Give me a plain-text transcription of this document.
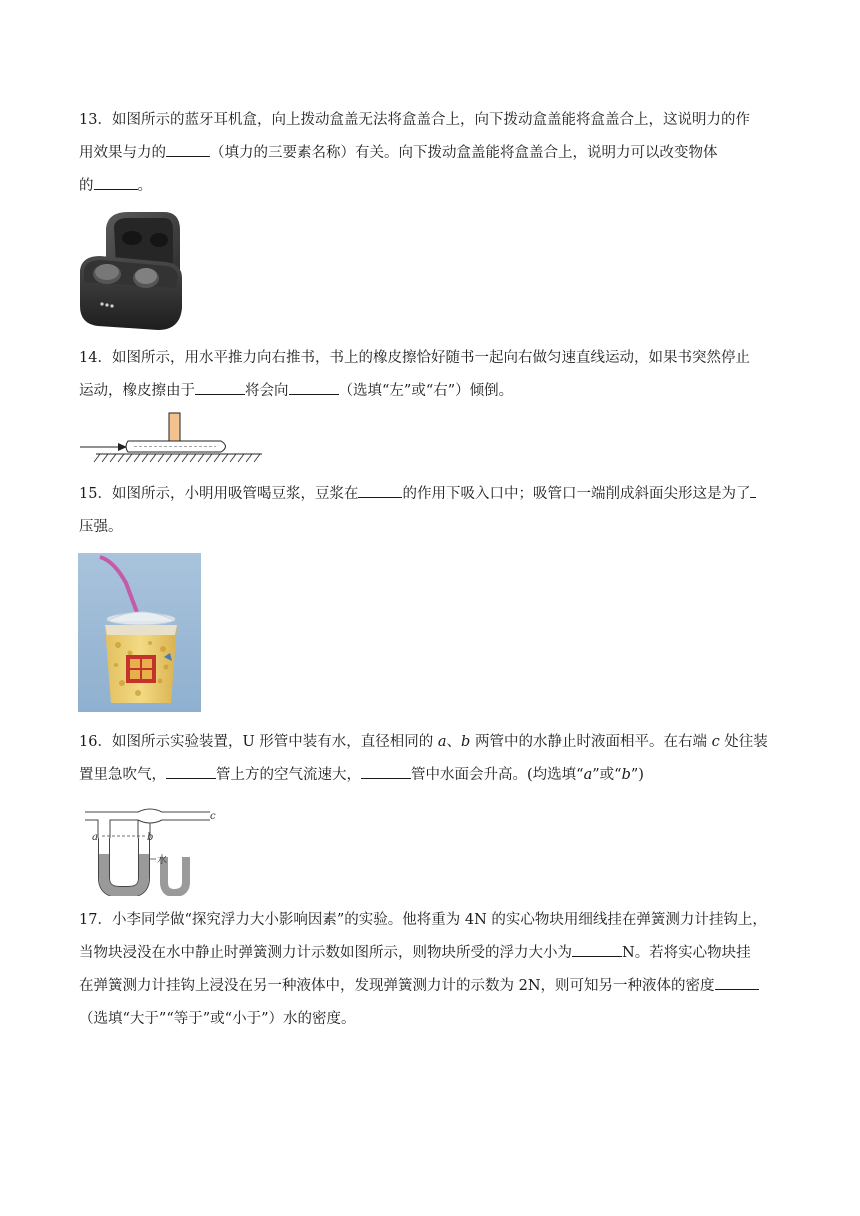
13．如图所示的蓝牙耳机盒，向上拨动盒盖无法将盒盖合上，向下拨动盒盖能将盒盖合上，这说明力的作

用效果与力的	（填力的三要素名称）有关。向下拨动盒盖能将盒盖合上，说明力可以改变物体

的	。

14．如图所示，用水平推力向右推书，书上的橡皮擦恰好随书一起向右做匀速直线运动，如果书突然停止

运动，橡皮擦由于	将会向	（选填“左”或“右”）倾倒。

15．如图所示，小明用吸管喝豆浆，豆浆在	的作用下吸入口中；吸管口一端削成斜面尖形这是为了

压强。

16．如图所示实验装置，U 形管中装有水，直径相同的 a、b 两管中的水静止时液面相平。在右端 c 处往装

置里急吹气，	管上方的空气流速大，	管中水面会升高。(均选填“a”或“b”)

a	b
c
水

17．小李同学做“探究浮力大小影响因素”的实验。他将重为 4N 的实心物块用细线挂在弹簧测力计挂钩上，

当物块浸没在水中静止时弹簧测力计示数如图所示，则物块所受的浮力大小为	N。若将实心物块挂

在弹簧测力计挂钩上浸没在另一种液体中，发现弹簧测力计的示数为 2N，则可知另一种液体的密度

（选填“大于”“等于”或“小于”）水的密度。
